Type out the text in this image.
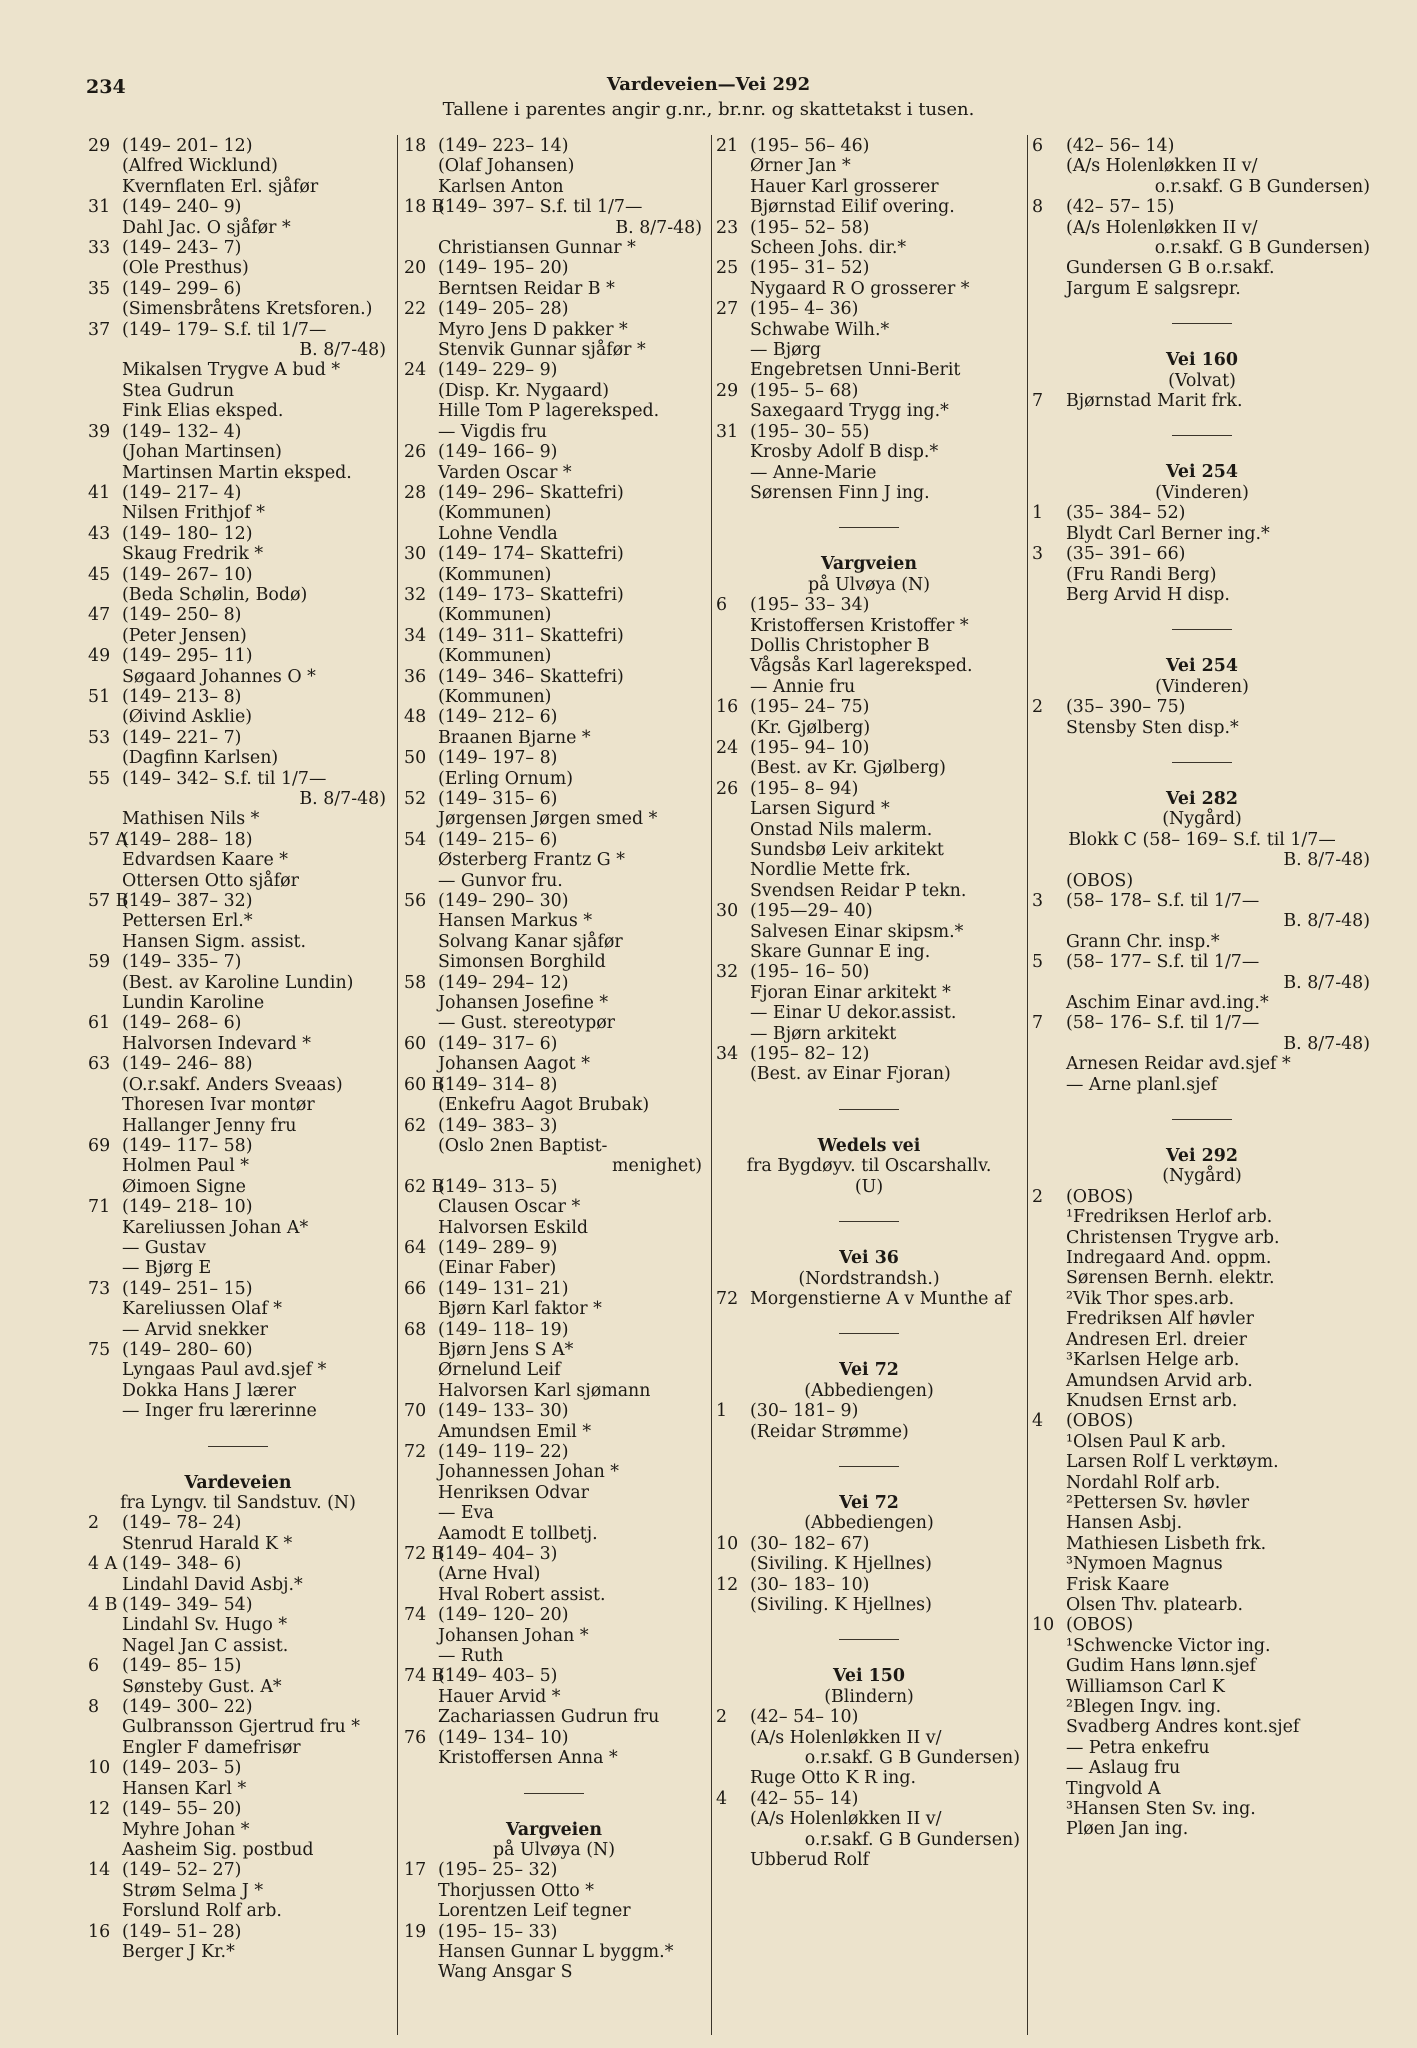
234	Vardeveien—Vei 292
Tallene i parentes angir g.nr., br.nr. og skattetakst i tusen.
29 (149– 201– 12)
(Alfred Wicklund)
Kvernflaten Erl. sjåfør
31 (149– 240– 9)
Dahl Jac. O sjåfør *
33 (149– 243– 7)
(Ole Presthus)
35 (149– 299– 6)
(Simensbråtens Kretsforen.)
37 (149– 179– S.f. til 1/7—
B. 8/7-48)
Mikalsen Trygve A bud *
Stea Gudrun
Fink Elias eksped.
39 (149– 132– 4)
(Johan Martinsen)
Martinsen Martin eksped.
41 (149– 217– 4)
Nilsen Frithjof *
43 (149– 180– 12)
Skaug Fredrik *
45 (149– 267– 10)
(Beda Schølin, Bodø)
47 (149– 250– 8)
(Peter Jensen)
49 (149– 295– 11)
Søgaard Johannes O *
51 (149– 213– 8)
(Øivind Asklie)
53 (149– 221– 7)
(Dagfinn Karlsen)
55 (149– 342– S.f. til 1/7—
B. 8/7-48)
Mathisen Nils *
57 A(149– 288– 18)
Edvardsen Kaare *
Ottersen Otto sjåfør
57 B(149– 387– 32)
Pettersen Erl.*
Hansen Sigm. assist.
59 (149– 335– 7)
(Best. av Karoline Lundin)
Lundin Karoline
61 (149– 268– 6)
Halvorsen Indevard *
63 (149– 246– 88)
(O.r.sakf. Anders Sveaas)
Thoresen Ivar montør
Hallanger Jenny fru
69 (149– 117– 58)
Holmen Paul *
Øimoen Signe
71 (149– 218– 10)
Kareliussen Johan A*
— Gustav
— Bjørg E
73 (149– 251– 15)
Kareliussen Olaf *
— Arvid snekker
75 (149– 280– 60)
Lyngaas Paul avd.sjef *
Dokka Hans J lærer
— Inger fru lærerinne
Vardeveien
fra Lyngv. til Sandstuv. (N)
2 (149– 78– 24)
Stenrud Harald K *
4 A (149– 348– 6)
Lindahl David Asbj.*
4 B (149– 349– 54)
Lindahl Sv. Hugo *
Nagel Jan C assist.
6 (149– 85– 15)
Sønsteby Gust. A*
8 (149– 300– 22)
Gulbransson Gjertrud fru *
Engler F damefrisør
10 (149– 203– 5)
Hansen Karl *
12 (149– 55– 20)
Myhre Johan *
Aasheim Sig. postbud
14 (149– 52– 27)
Strøm Selma J *
Forslund Rolf arb.
16 (149– 51– 28)
Berger J Kr.*
18 (149– 223– 14)
(Olaf Johansen)
Karlsen Anton
18 B(149– 397– S.f. til 1/7—
B. 8/7-48)
Christiansen Gunnar *
20 (149– 195– 20)
Berntsen Reidar B *
22 (149– 205– 28)
Myro Jens D pakker *
Stenvik Gunnar sjåfør *
24 (149– 229– 9)
(Disp. Kr. Nygaard)
Hille Tom P lagereksped.
— Vigdis fru
26 (149– 166– 9)
Varden Oscar *
28 (149– 296– Skattefri)
(Kommunen)
Lohne Vendla
30 (149– 174– Skattefri)
(Kommunen)
32 (149– 173– Skattefri)
(Kommunen)
34 (149– 311– Skattefri)
(Kommunen)
36 (149– 346– Skattefri)
(Kommunen)
48 (149– 212– 6)
Braanen Bjarne *
50 (149– 197– 8)
(Erling Ornum)
52 (149– 315– 6)
Jørgensen Jørgen smed *
54 (149– 215– 6)
Østerberg Frantz G *
— Gunvor fru.
56 (149– 290– 30)
Hansen Markus *
Solvang Kanar sjåfør
Simonsen Borghild
58 (149– 294– 12)
Johansen Josefine *
— Gust. stereotypør
60 (149– 317– 6)
Johansen Aagot *
60 B(149– 314– 8)
(Enkefru Aagot Brubak)
62 (149– 383– 3)
(Oslo 2nen Baptist-
menighet)
62 B(149– 313– 5)
Clausen Oscar *
Halvorsen Eskild
64 (149– 289– 9)
(Einar Faber)
66 (149– 131– 21)
Bjørn Karl faktor *
68 (149– 118– 19)
Bjørn Jens S A*
Ørnelund Leif
Halvorsen Karl sjømann
70 (149– 133– 30)
Amundsen Emil *
72 (149– 119– 22)
Johannessen Johan *
Henriksen Odvar
— Eva
Aamodt E tollbetj.
72 B(149– 404– 3)
(Arne Hval)
Hval Robert assist.
74 (149– 120– 20)
Johansen Johan *
— Ruth
74 B(149– 403– 5)
Hauer Arvid *
Zachariassen Gudrun fru
76 (149– 134– 10)
Kristoffersen Anna *
Vargveien
på Ulvøya (N)
17 (195– 25– 32)
Thorjussen Otto *
Lorentzen Leif tegner
19 (195– 15– 33)
Hansen Gunnar L byggm.*
Wang Ansgar S
21 (195– 56– 46)
Ørner Jan *
Hauer Karl grosserer
Bjørnstad Eilif overing.
23 (195– 52– 58)
Scheen Johs. dir.*
25 (195– 31– 52)
Nygaard R O grosserer *
27 (195– 4– 36)
Schwabe Wilh.*
— Bjørg
Engebretsen Unni-Berit
29 (195– 5– 68)
Saxegaard Trygg ing.*
31 (195– 30– 55)
Krosby Adolf B disp.*
— Anne-Marie
Sørensen Finn J ing.
Vargveien
på Ulvøya (N)
6 (195– 33– 34)
Kristoffersen Kristoffer *
Dollis Christopher B
Vågsås Karl lagereksped.
— Annie fru
16 (195– 24– 75)
(Kr. Gjølberg)
24 (195– 94– 10)
(Best. av Kr. Gjølberg)
26 (195– 8– 94)
Larsen Sigurd *
Onstad Nils malerm.
Sundsbø Leiv arkitekt
Nordlie Mette frk.
Svendsen Reidar P tekn.
30 (195—29– 40)
Salvesen Einar skipsm.*
Skare Gunnar E ing.
32 (195– 16– 50)
Fjoran Einar arkitekt *
— Einar U dekor.assist.
— Bjørn arkitekt
34 (195– 82– 12)
(Best. av Einar Fjoran)
Wedels vei
fra Bygdøyv. til Oscarshallv.
(U)
Vei 36
(Nordstrandsh.)
72 Morgenstierne A v Munthe af
Vei 72
(Abbediengen)
1 (30– 181– 9)
(Reidar Strømme)
Vei 72
(Abbediengen)
10 (30– 182– 67)
(Siviling. K Hjellnes)
12 (30– 183– 10)
(Siviling. K Hjellnes)
Vei 150
(Blindern)
2 (42– 54– 10)
(A/s Holenløkken II v/
o.r.sakf. G B Gundersen)
Ruge Otto K R ing.
4 (42– 55– 14)
(A/s Holenløkken II v/
o.r.sakf. G B Gundersen)
Ubberud Rolf
6 (42– 56– 14)
(A/s Holenløkken II v/
o.r.sakf. G B Gundersen)
8 (42– 57– 15)
(A/s Holenløkken II v/
o.r.sakf. G B Gundersen)
Gundersen G B o.r.sakf.
Jargum E salgsrepr.
Vei 160
(Volvat)
7 Bjørnstad Marit frk.
Vei 254
(Vinderen)
1 (35– 384– 52)
Blydt Carl Berner ing.*
3 (35– 391– 66)
(Fru Randi Berg)
Berg Arvid H disp.
Vei 254
(Vinderen)
2 (35– 390– 75)
Stensby Sten disp.*
Vei 282
(Nygård)
Blokk C (58– 169– S.f. til 1/7—
B. 8/7-48)
(OBOS)
3 (58– 178– S.f. til 1/7—
B. 8/7-48)
Grann Chr. insp.*
5 (58– 177– S.f. til 1/7—
B. 8/7-48)
Aschim Einar avd.ing.*
7 (58– 176– S.f. til 1/7—
B. 8/7-48)
Arnesen Reidar avd.sjef *
— Arne planl.sjef
Vei 292
(Nygård)
2 (OBOS)
¹Fredriksen Herlof arb.
Christensen Trygve arb.
Indregaard And. oppm.
Sørensen Bernh. elektr.
²Vik Thor spes.arb.
Fredriksen Alf høvler
Andresen Erl. dreier
³Karlsen Helge arb.
Amundsen Arvid arb.
Knudsen Ernst arb.
4 (OBOS)
¹Olsen Paul K arb.
Larsen Rolf L verktøym.
Nordahl Rolf arb.
²Pettersen Sv. høvler
Hansen Asbj.
Mathiesen Lisbeth frk.
³Nymoen Magnus
Frisk Kaare
Olsen Thv. platearb.
10 (OBOS)
¹Schwencke Victor ing.
Gudim Hans lønn.sjef
Williamson Carl K
²Blegen Ingv. ing.
Svadberg Andres kont.sjef
— Petra enkefru
— Aslaug fru
Tingvold A
³Hansen Sten Sv. ing.
Pløen Jan ing.
